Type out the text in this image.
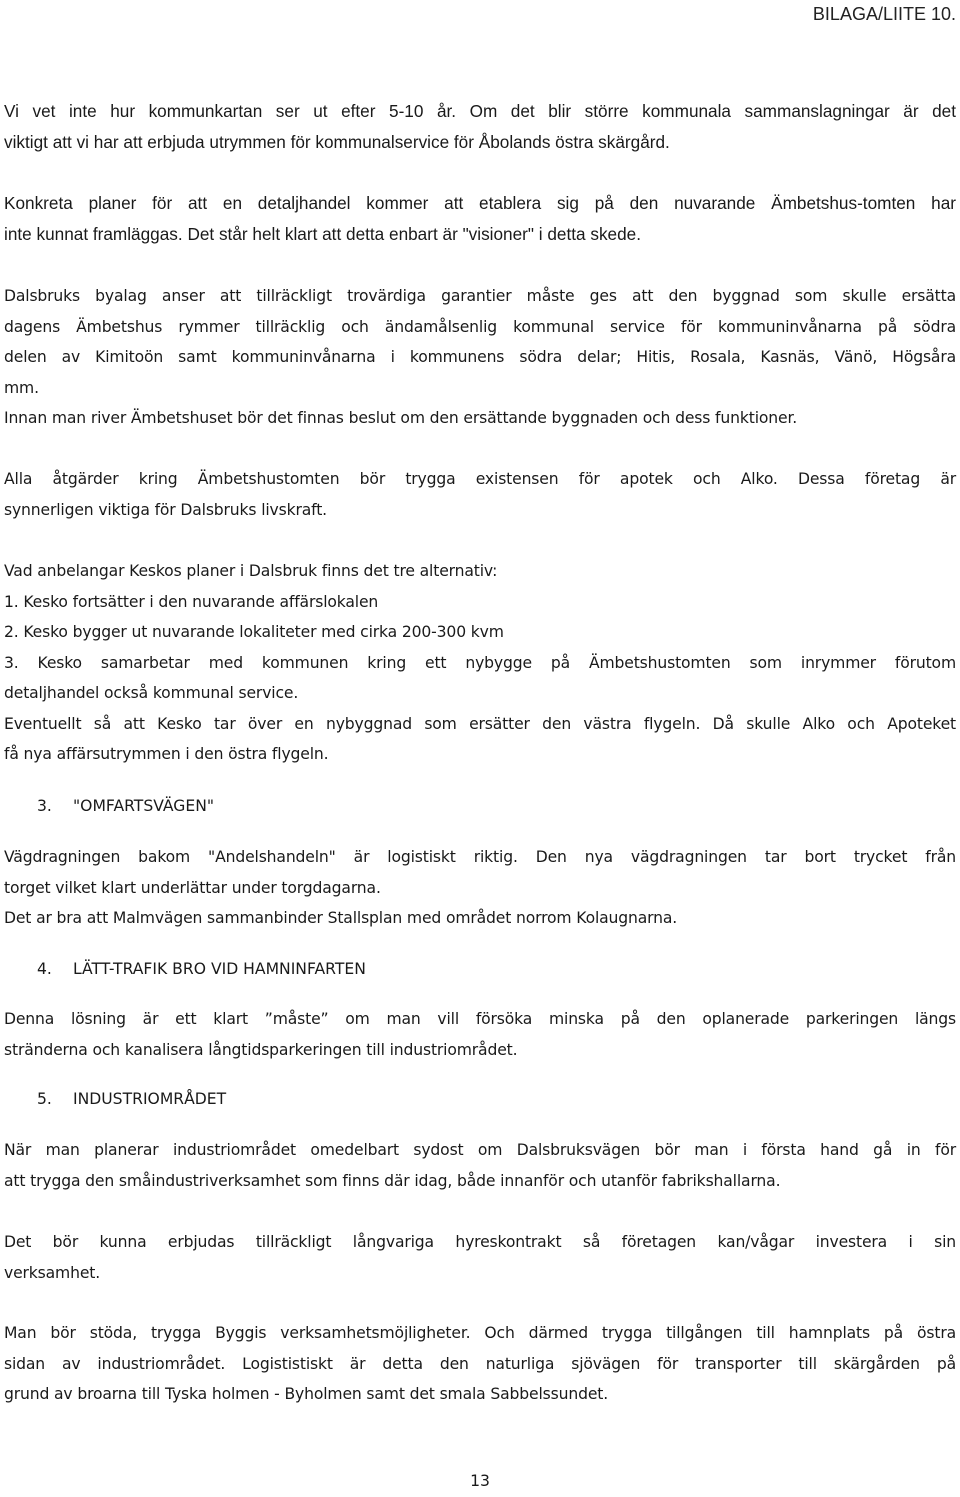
BILAGA/LIITE 10.
Vi vet inte hur kommunkartan ser ut efter 5-10 år. Om det blir större kommunala sammanslagningar är det
viktigt att vi har att erbjuda utrymmen för kommunalservice för Åbolands östra skärgård.
Konkreta planer för att en detaljhandel kommer att etablera sig på den nuvarande Ämbetshus-tomten har
inte kunnat framläggas. Det står helt klart att detta enbart är "visioner" i detta skede.
Dalsbruks byalag anser att tillräckligt trovärdiga garantier måste ges att den byggnad som skulle ersätta
dagens Ämbetshus rymmer tillräcklig och ändamålsenlig kommunal service för kommuninvånarna på södra
delen av Kimitoön samt kommuninvånarna i kommunens södra delar; Hitis, Rosala, Kasnäs, Vänö, Högsåra
mm.
Innan man river Ämbetshuset bör det finnas beslut om den ersättande byggnaden och dess funktioner.
Alla åtgärder kring Ämbetshustomten bör trygga existensen för apotek och Alko. Dessa företag är
synnerligen viktiga för Dalsbruks livskraft.
Vad anbelangar Keskos planer i Dalsbruk finns det tre alternativ:
1. Kesko fortsätter i den nuvarande affärslokalen
2. Kesko bygger ut nuvarande lokaliteter med cirka 200-300 kvm
3. Kesko samarbetar med kommunen kring ett nybygge på Ämbetshustomten som inrymmer förutom
detaljhandel också kommunal service.
Eventuellt så att Kesko tar över en nybyggnad som ersätter den västra flygeln. Då skulle Alko och Apoteket
få nya affärsutrymmen i den östra flygeln.
3. "OMFARTSVÄGEN"
Vägdragningen bakom "Andelshandeln" är logistiskt riktig. Den nya vägdragningen tar bort trycket från
torget vilket klart underlättar under torgdagarna.
Det ar bra att Malmvägen sammanbinder Stallsplan med området norrom Kolaugnarna.
4. LÄTT-TRAFIK BRO VID HAMNINFARTEN
Denna lösning är ett klart ”måste” om man vill försöka minska på den oplanerade parkeringen längs
stränderna och kanalisera långtidsparkeringen till industriområdet.
5. INDUSTRIOMRÅDET
När man planerar industriområdet omedelbart sydost om Dalsbruksvägen bör man i första hand gå in för
att trygga den småindustriverksamhet som finns där idag, både innanför och utanför fabrikshallarna.
Det bör kunna erbjudas tillräckligt långvariga hyreskontrakt så företagen kan/vågar investera i sin
verksamhet.
Man bör stöda, trygga Byggis verksamhetsmöjligheter. Och därmed trygga tillgången till hamnplats på östra
sidan av industriområdet. Logististiskt är detta den naturliga sjövägen för transporter till skärgården på
grund av broarna till Tyska holmen - Byholmen samt det smala Sabbelssundet.
13
